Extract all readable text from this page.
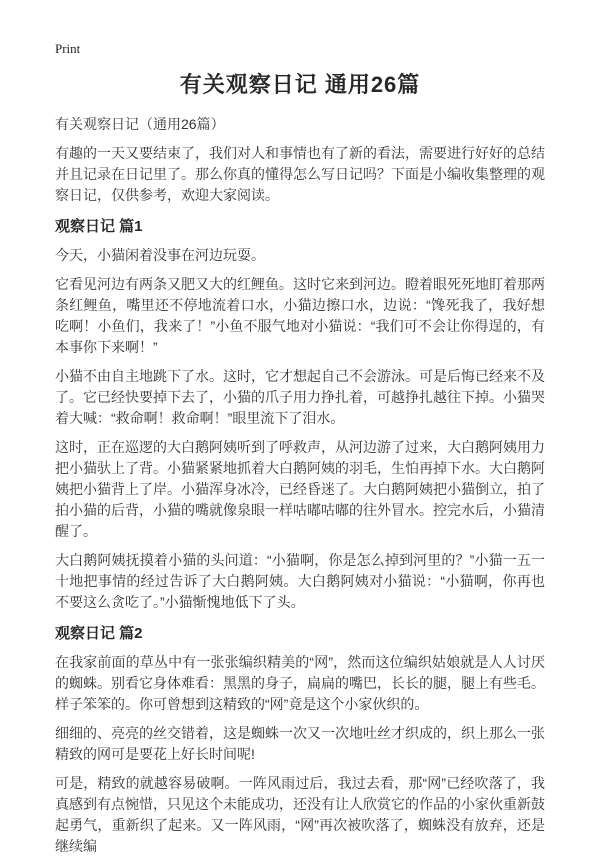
Print
有关观察日记 通用26篇

有关观察日记（通用26篇）

有趣的一天又要结束了，我们对人和事情也有了新的看法，需要进行好好的总结并且记录在日记里了。那么你真的懂得怎么写日记吗？下面是小编收集整理的观察日记，仅供参考，欢迎大家阅读。

观察日记 篇1

今天，小猫闲着没事在河边玩耍。

它看见河边有两条又肥又大的红鲤鱼。这时它来到河边。瞪着眼死死地盯着那两条红鲤鱼，嘴里还不停地流着口水，小猫边擦口水，边说：“馋死我了，我好想吃啊！小鱼们，我来了！”小鱼不服气地对小猫说：“我们可不会让你得逞的，有本事你下来啊！”

小猫不由自主地跳下了水。这时，它才想起自己不会游泳。可是后悔已经来不及了。它已经快要掉下去了，小猫的爪子用力挣扎着，可越挣扎越往下掉。小猫哭着大喊：“救命啊！救命啊！”眼里流下了泪水。

这时，正在巡逻的大白鹅阿姨听到了呼救声，从河边游了过来，大白鹅阿姨用力把小猫驮上了背。小猫紧紧地抓着大白鹅阿姨的羽毛，生怕再掉下水。大白鹅阿姨把小猫背上了岸。小猫浑身冰冷，已经昏迷了。大白鹅阿姨把小猫倒立，拍了拍小猫的后背，小猫的嘴就像泉眼一样咕嘟咕嘟的往外冒水。控完水后，小猫清醒了。

大白鹅阿姨抚摸着小猫的头问道：“小猫啊，你是怎么掉到河里的？”小猫一五一十地把事情的经过告诉了大白鹅阿姨。大白鹅阿姨对小猫说：“小猫啊，你再也不要这么贪吃了。”小猫惭愧地低下了头。

观察日记 篇2

在我家前面的草丛中有一张张编织精美的“网”，然而这位编织姑娘就是人人讨厌的蜘蛛。别看它身体难看：黑黑的身子，扁扁的嘴巴，长长的腿，腿上有些毛。样子笨笨的。你可曾想到这精致的“网”竟是这个小家伙织的。

细细的、亮亮的丝交错着，这是蜘蛛一次又一次地吐丝才织成的，织上那么一张精致的网可是要花上好长时间呢!

可是，精致的就越容易破啊。一阵风雨过后，我过去看，那“网”已经吹落了，我真感到有点惋惜，只见这个未能成功，还没有让人欣赏它的作品的小家伙重新鼓起勇气，重新织了起来。又一阵风雨，“网”再次被吹落了，蜘蛛没有放弃，还是继续编
